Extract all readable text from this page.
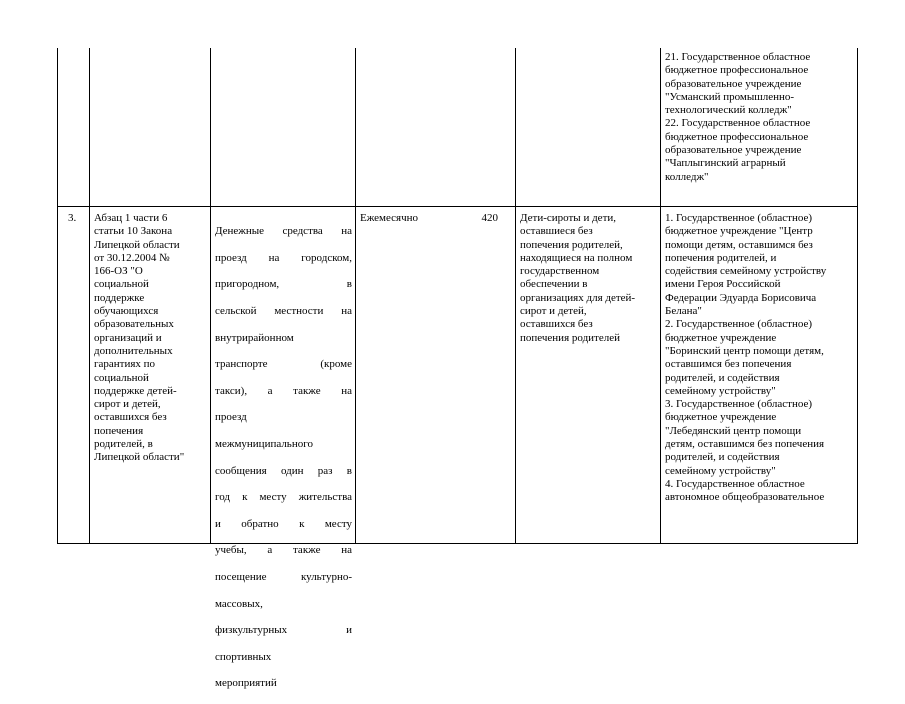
21. Государственное областное
бюджетное профессиональное
образовательное учреждение
"Усманский промышленно-
технологический колледж"
22. Государственное областное
бюджетное профессиональное
образовательное учреждение
"Чаплыгинский аграрный
колледж"
3. Абзац 1 части 6
статьи 10 Закона
Липецкой области
от 30.12.2004 №
166-ОЗ "О
социальной
поддержке
обучающихся
образовательных
организаций и
дополнительных
гарантиях по
социальной
поддержке детей-
сирот и детей,
оставшихся без
попечения
родителей, в
Липецкой области"

Денежные средства на

проезд на городском,

пригородном, в

сельской местности на

внутрирайонном

транспорте (кроме

такси), а также на

проезд

межмуниципального

сообщения один раз в

год к месту жительства

и обратно к месту

учебы, а также на

посещение культурно-

массовых,

физкультурных и

спортивных

мероприятий

Ежемесячно	420 Дети-сироты и дети,
оставшиеся без
попечения родителей,
находящиеся на полном
государственном
обеспечении в
организациях для детей-
сирот и детей,
оставшихся без
попечения родителей
1. Государственное (областное)
бюджетное учреждение "Центр
помощи детям, оставшимся без
попечения родителей, и
содействия семейному устройству
имени Героя Российской
Федерации Эдуарда Борисовича
Белана"
2. Государственное (областное)
бюджетное учреждение
"Боринский центр помощи детям,
оставшимся без попечения
родителей, и содействия
семейному устройству"
3. Государственное (областное)
бюджетное учреждение
"Лебедянский центр помощи
детям, оставшимся без попечения
родителей, и содействия
семейному устройству"
4. Государственное областное
автономное общеобразовательное
